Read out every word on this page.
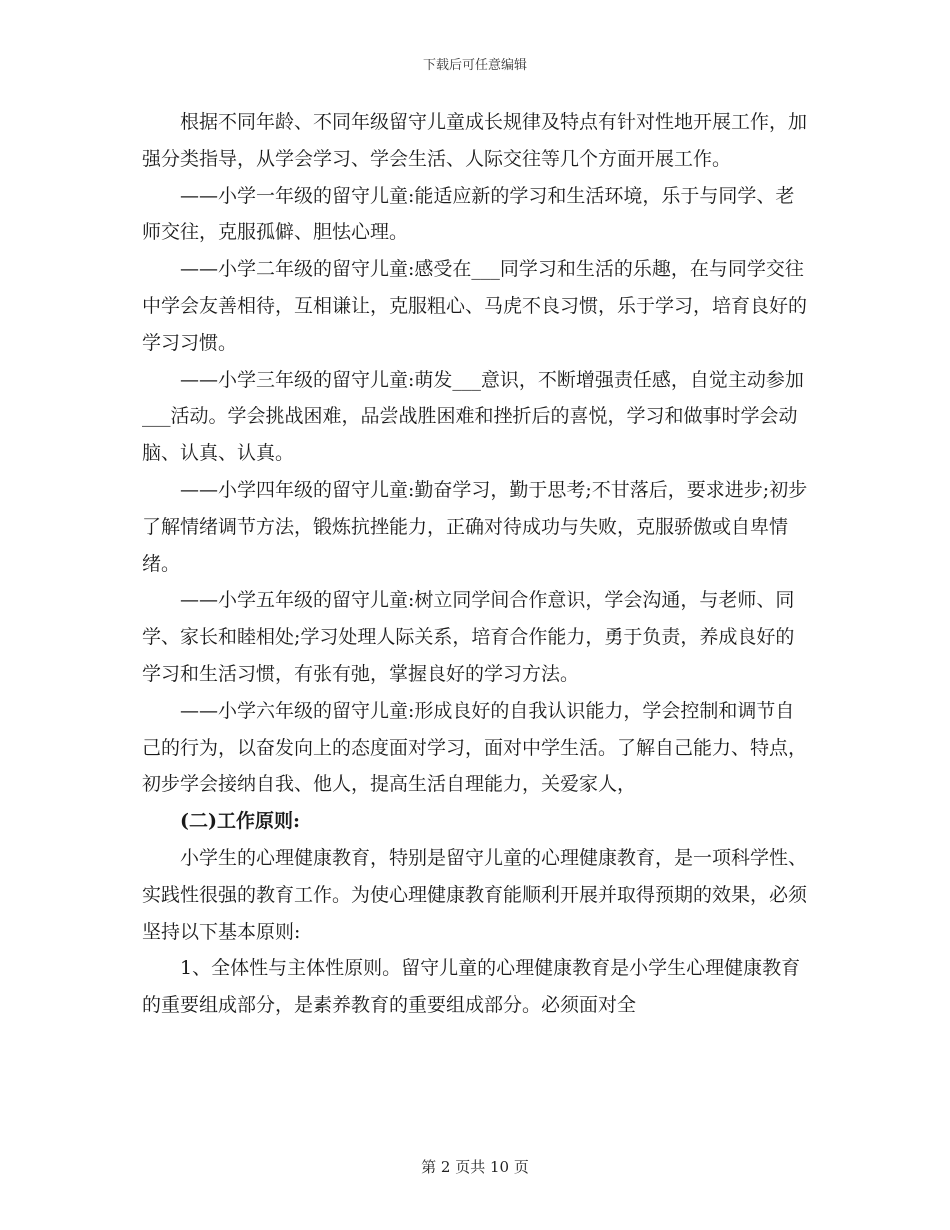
下载后可任意编辑

根据不同年龄、不同年级留守儿童成长规律及特点有针对性地开展工作，加强分类指导，从学会学习、学会生活、人际交往等几个方面开展工作。

——小学一年级的留守儿童:能适应新的学习和生活环境，乐于与同学、老师交往，克服孤僻、胆怯心理。

——小学二年级的留守儿童:感受在___同学习和生活的乐趣，在与同学交往中学会友善相待，互相谦让，克服粗心、马虎不良习惯，乐于学习，培育良好的学习习惯。

——小学三年级的留守儿童:萌发___意识，不断增强责任感，自觉主动参加___活动。学会挑战困难，品尝战胜困难和挫折后的喜悦，学习和做事时学会动脑、认真、认真。

——小学四年级的留守儿童:勤奋学习，勤于思考;不甘落后，要求进步;初步了解情绪调节方法，锻炼抗挫能力，正确对待成功与失败，克服骄傲或自卑情绪。

——小学五年级的留守儿童:树立同学间合作意识，学会沟通，与老师、同学、家长和睦相处;学习处理人际关系，培育合作能力，勇于负责，养成良好的学习和生活习惯，有张有弛，掌握良好的学习方法。

——小学六年级的留守儿童:形成良好的自我认识能力，学会控制和调节自己的行为，以奋发向上的态度面对学习，面对中学生活。了解自己能力、特点，初步学会接纳自我、他人，提高生活自理能力，关爱家人，

(二)工作原则:

小学生的心理健康教育，特别是留守儿童的心理健康教育，是一项科学性、实践性很强的教育工作。为使心理健康教育能顺利开展并取得预期的效果，必须坚持以下基本原则:

1、全体性与主体性原则。留守儿童的心理健康教育是小学生心理健康教育的重要组成部分，是素养教育的重要组成部分。必须面对全

第 2 页共 10 页
